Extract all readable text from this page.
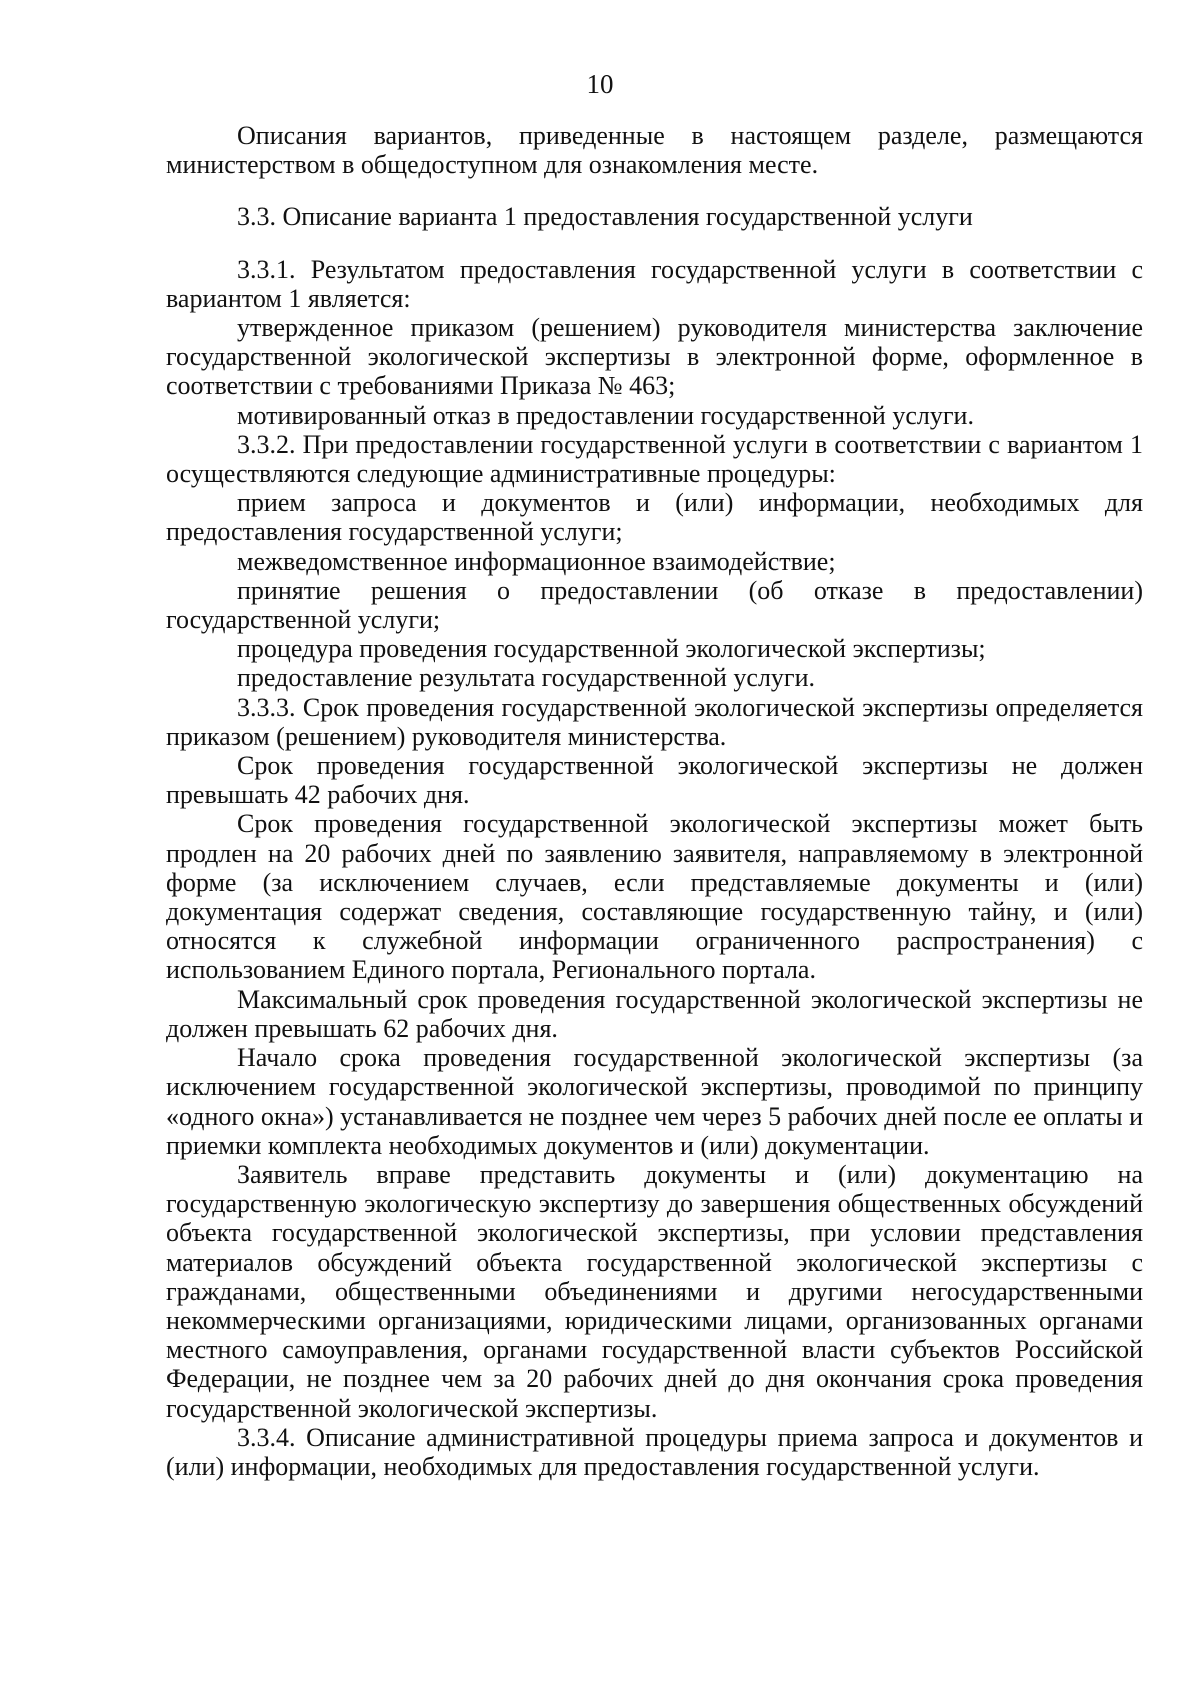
10

Описания вариантов, приведенные в настоящем разделе, размещаются министерством в общедоступном для ознакомления месте.

3.3. Описание варианта 1 предоставления государственной услуги

3.3.1. Результатом предоставления государственной услуги в соответствии с вариантом 1 является:

утвержденное приказом (решением) руководителя министерства заключение государственной экологической экспертизы в электронной форме, оформленное в соответствии с требованиями Приказа № 463;

мотивированный отказ в предоставлении государственной услуги.

3.3.2. При предоставлении государственной услуги в соответствии с вариантом 1 осуществляются следующие административные процедуры:

прием запроса и документов и (или) информации, необходимых для предоставления государственной услуги;

межведомственное информационное взаимодействие;

принятие решения о предоставлении (об отказе в предоставлении) государственной услуги;

процедура проведения государственной экологической экспертизы;

предоставление результата государственной услуги.

3.3.3. Срок проведения государственной экологической экспертизы определяется приказом (решением) руководителя министерства.

Срок проведения государственной экологической экспертизы не должен превышать 42 рабочих дня.

Срок проведения государственной экологической экспертизы может быть продлен на 20 рабочих дней по заявлению заявителя, направляемому в электронной форме (за исключением случаев, если представляемые документы и (или) документация содержат сведения, составляющие государственную тайну, и (или) относятся к служебной информации ограниченного распространения) с использованием Единого портала, Регионального портала.

Максимальный срок проведения государственной экологической экспертизы не должен превышать 62 рабочих дня.

Начало срока проведения государственной экологической экспертизы (за исключением государственной экологической экспертизы, проводимой по принципу «одного окна») устанавливается не позднее чем через 5 рабочих дней после ее оплаты и приемки комплекта необходимых документов и (или) документации.

Заявитель вправе представить документы и (или) документацию на государственную экологическую экспертизу до завершения общественных обсуждений объекта государственной экологической экспертизы, при условии представления материалов обсуждений объекта государственной экологической экспертизы с гражданами, общественными объединениями и другими негосударственными некоммерческими организациями, юридическими лицами, организованных органами местного самоуправления, органами государственной власти субъектов Российской Федерации, не позднее чем за 20 рабочих дней до дня окончания срока проведения государственной экологической экспертизы.

3.3.4. Описание административной процедуры приема запроса и документов и (или) информации, необходимых для предоставления государственной услуги.
